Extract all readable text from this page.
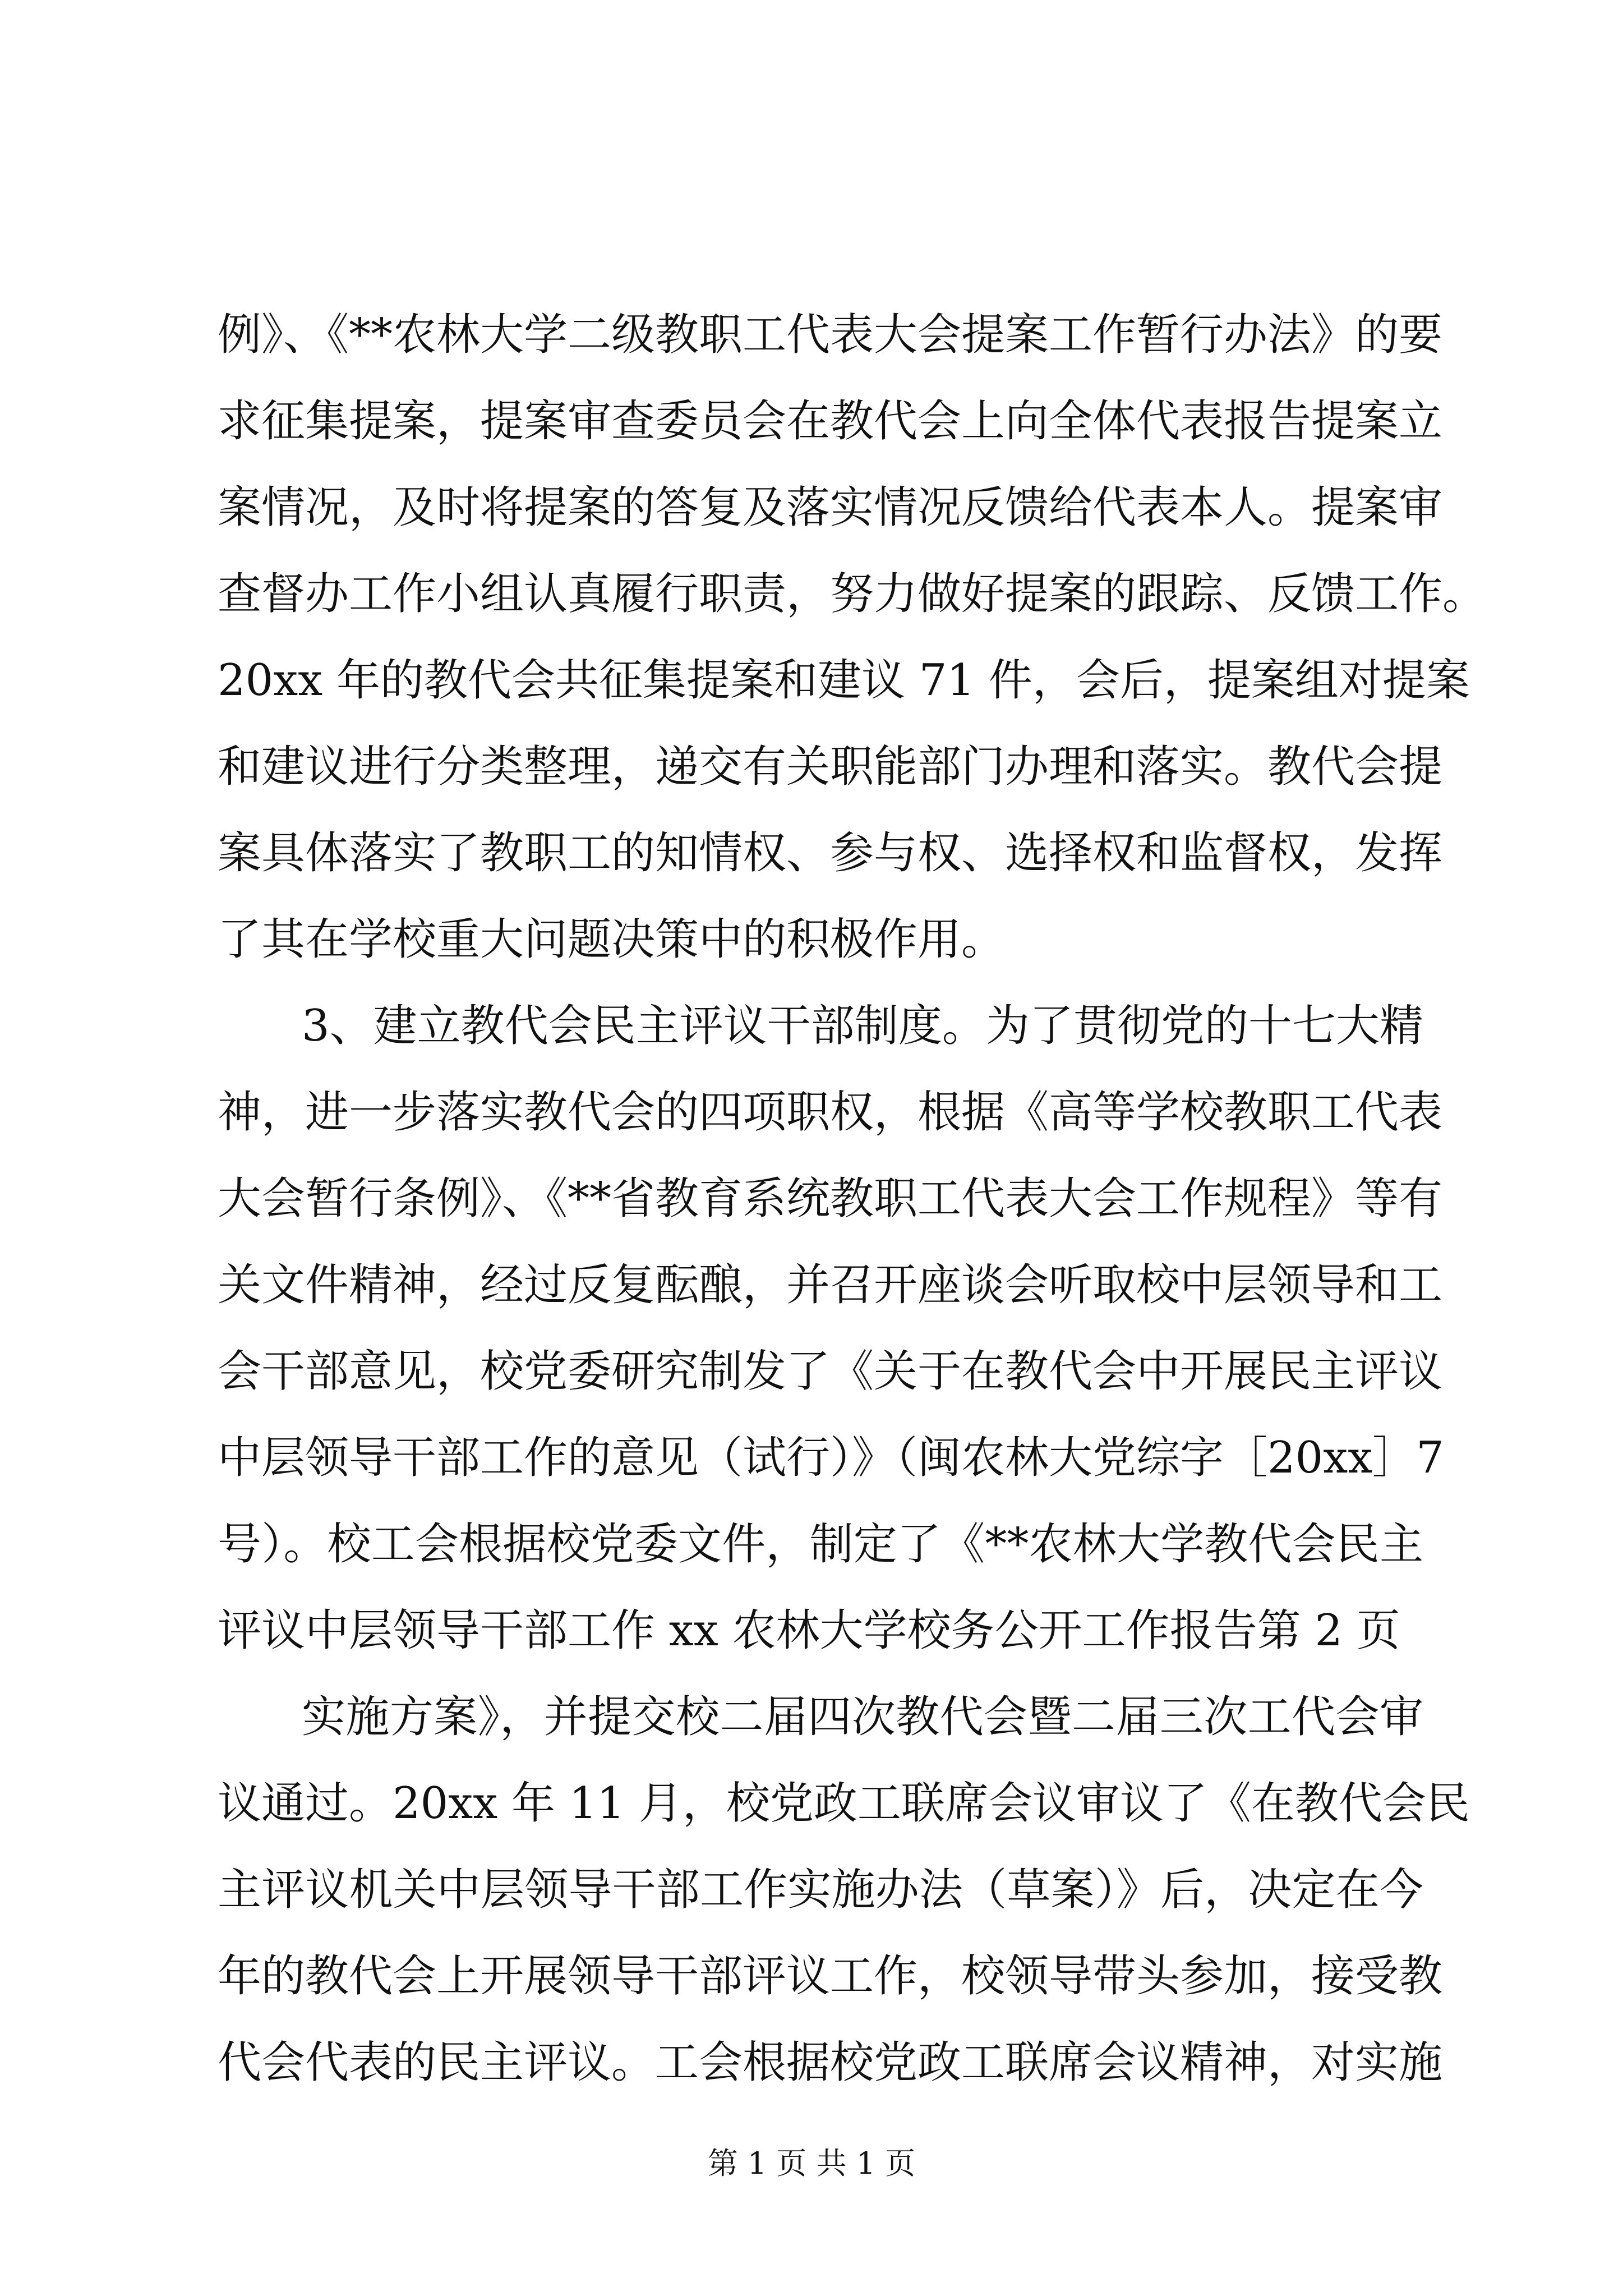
例》、《**农林大学二级教职工代表大会提案工作暂行办法》的要
求征集提案，提案审查委员会在教代会上向全体代表报告提案立
案情况，及时将提案的答复及落实情况反馈给代表本人。提案审
查督办工作小组认真履行职责，努力做好提案的跟踪、反馈工作。
20xx 年的教代会共征集提案和建议 71 件，会后，提案组对提案
和建议进行分类整理，递交有关职能部门办理和落实。教代会提
案具体落实了教职工的知情权、参与权、选择权和监督权，发挥
了其在学校重大问题决策中的积极作用。
3、建立教代会民主评议干部制度。为了贯彻党的十七大精
神，进一步落实教代会的四项职权，根据《高等学校教职工代表
大会暂行条例》、《**省教育系统教职工代表大会工作规程》等有
关文件精神，经过反复酝酿，并召开座谈会听取校中层领导和工
会干部意见，校党委研究制发了《关于在教代会中开展民主评议
中层领导干部工作的意见（试行）》（闽农林大党综字［20xx］7
号）。校工会根据校党委文件，制定了《**农林大学教代会民主
评议中层领导干部工作 xx 农林大学校务公开工作报告第 2 页
实施方案》，并提交校二届四次教代会暨二届三次工代会审
议通过。20xx 年 11 月，校党政工联席会议审议了《在教代会民
主评议机关中层领导干部工作实施办法（草案）》后，决定在今
年的教代会上开展领导干部评议工作，校领导带头参加，接受教
代会代表的民主评议。工会根据校党政工联席会议精神，对实施
第 1 页 共 1 页
